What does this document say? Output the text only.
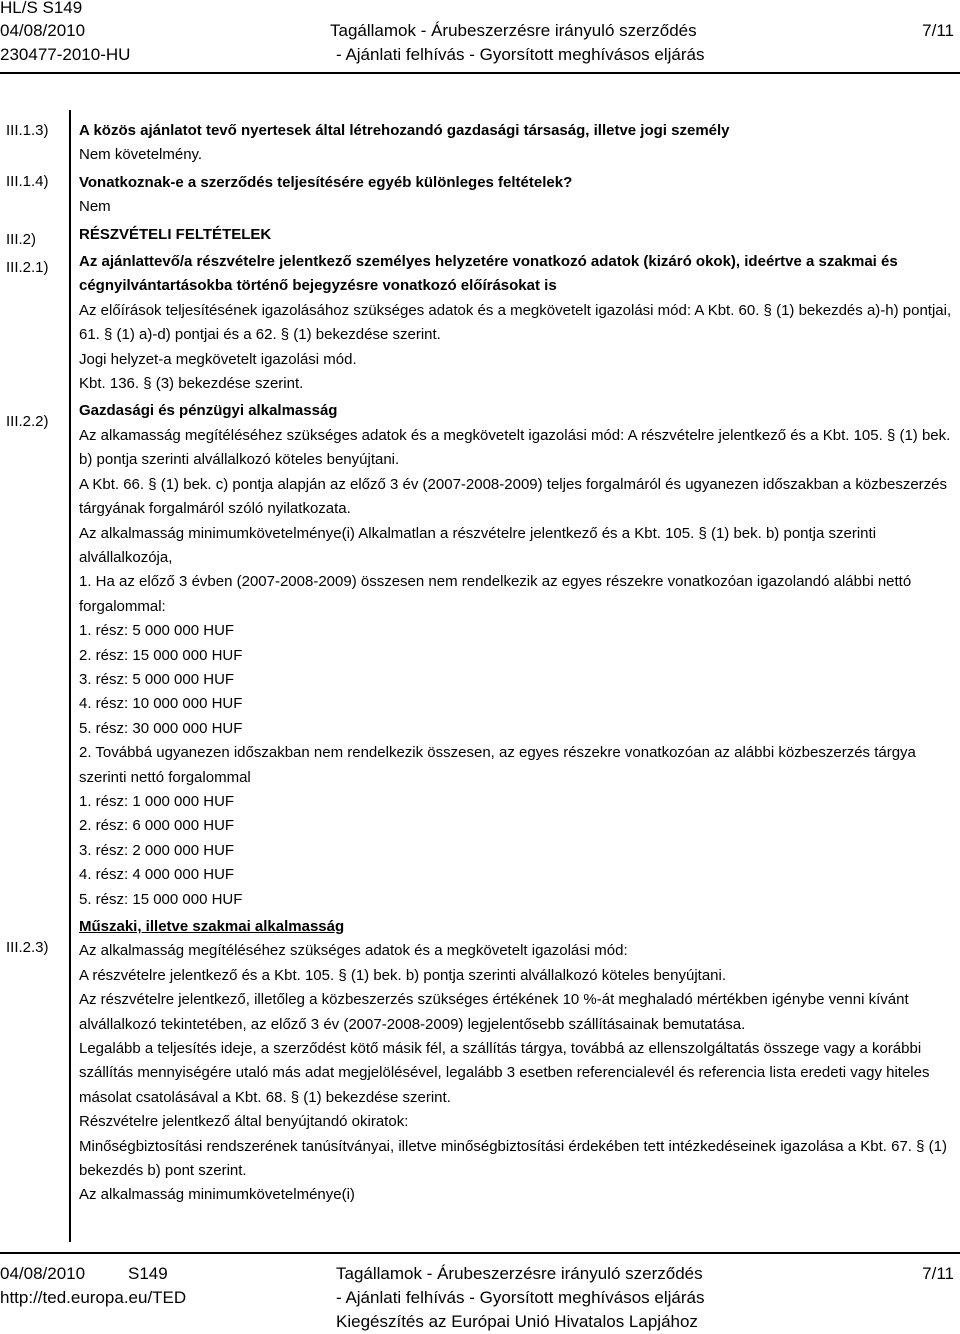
HL/S S149
04/08/2010
230477-2010-HU
Tagállamok - Árubeszerzésre irányuló szerződés
- Ajánlati felhívás - Gyorsított meghívásos eljárás
7/11
III.1.3)
III.1.4)
III.2)
III.2.1)
III.2.2)
III.2.3)

A közös ajánlatot tevő nyertesek által létrehozandó gazdasági társaság, illetve jogi személy

Nem követelmény.

Vonatkoznak-e a szerződés teljesítésére egyéb különleges feltételek?

Nem

RÉSZVÉTELI FELTÉTELEK

Az ajánlattevő/a részvételre jelentkező személyes helyzetére vonatkozó adatok (kizáró okok), ideértve a szakmai és cégnyilvántartásokba történő bejegyzésre vonatkozó előírásokat is

Az előírások teljesítésének igazolásához szükséges adatok és a megkövetelt igazolási mód: A Kbt. 60. § (1) bekezdés a)-h) pontjai, 61. § (1) a)-d) pontjai és a 62. § (1) bekezdése szerint.

Jogi helyzet-a megkövetelt igazolási mód.

Kbt. 136. § (3) bekezdése szerint.

Gazdasági és pénzügyi alkalmasság

Az alkamasság megítéléséhez szükséges adatok és a megkövetelt igazolási mód: A részvételre jelentkező és a Kbt. 105. § (1) bek. b) pontja szerinti alvállalkozó köteles benyújtani.

A Kbt. 66. § (1) bek. c) pontja alapján az előző 3 év (2007-2008-2009) teljes forgalmáról és ugyanezen időszakban a közbeszerzés tárgyának forgalmáról szóló nyilatkozata.

Az alkalmasság minimumkövetelménye(i) Alkalmatlan a részvételre jelentkező és a Kbt. 105. § (1) bek. b) pontja szerinti alvállalkozója,

1. Ha az előző 3 évben (2007-2008-2009) összesen nem rendelkezik az egyes részekre vonatkozóan igazolandó alábbi nettó forgalommal:

1. rész: 5 000 000 HUF

2. rész: 15 000 000 HUF

3. rész: 5 000 000 HUF

4. rész: 10 000 000 HUF

5. rész: 30 000 000 HUF

2. Továbbá ugyanezen időszakban nem rendelkezik összesen, az egyes részekre vonatkozóan az alábbi közbeszerzés tárgya szerinti nettó forgalommal

1. rész: 1 000 000 HUF

2. rész: 6 000 000 HUF

3. rész: 2 000 000 HUF

4. rész: 4 000 000 HUF

5. rész: 15 000 000 HUF

Műszaki, illetve szakmai alkalmasság

Az alkalmasság megítéléséhez szükséges adatok és a megkövetelt igazolási mód:

A részvételre jelentkező és a Kbt. 105. § (1) bek. b) pontja szerinti alvállalkozó köteles benyújtani.

Az részvételre jelentkező, illetőleg a közbeszerzés szükséges értékének 10 %-át meghaladó mértékben igénybe venni kívánt alvállalkozó tekintetében, az előző 3 év (2007-2008-2009) legjelentősebb szállításainak bemutatása.

Legalább a teljesítés ideje, a szerződést kötő másik fél, a szállítás tárgya, továbbá az ellenszolgáltatás összege vagy a korábbi szállítás mennyiségére utaló más adat megjelölésével, legalább 3 esetben referencialevél és referencia lista eredeti vagy hiteles másolat csatolásával a Kbt. 68. § (1) bekezdése szerint.

Részvételre jelentkező által benyújtandó okiratok:

Minőségbiztosítási rendszerének tanúsítványai, illetve minőségbiztosítási érdekében tett intézkedéseinek igazolása a Kbt. 67. § (1) bekezdés b) pont szerint.

Az alkalmasság minimumkövetelménye(i)

04/08/2010	S149
http://ted.europa.eu/TED
Tagállamok - Árubeszerzésre irányuló szerződés
- Ajánlati felhívás - Gyorsított meghívásos eljárás
Kiegészítés az Európai Unió Hivatalos Lapjához
7/11
